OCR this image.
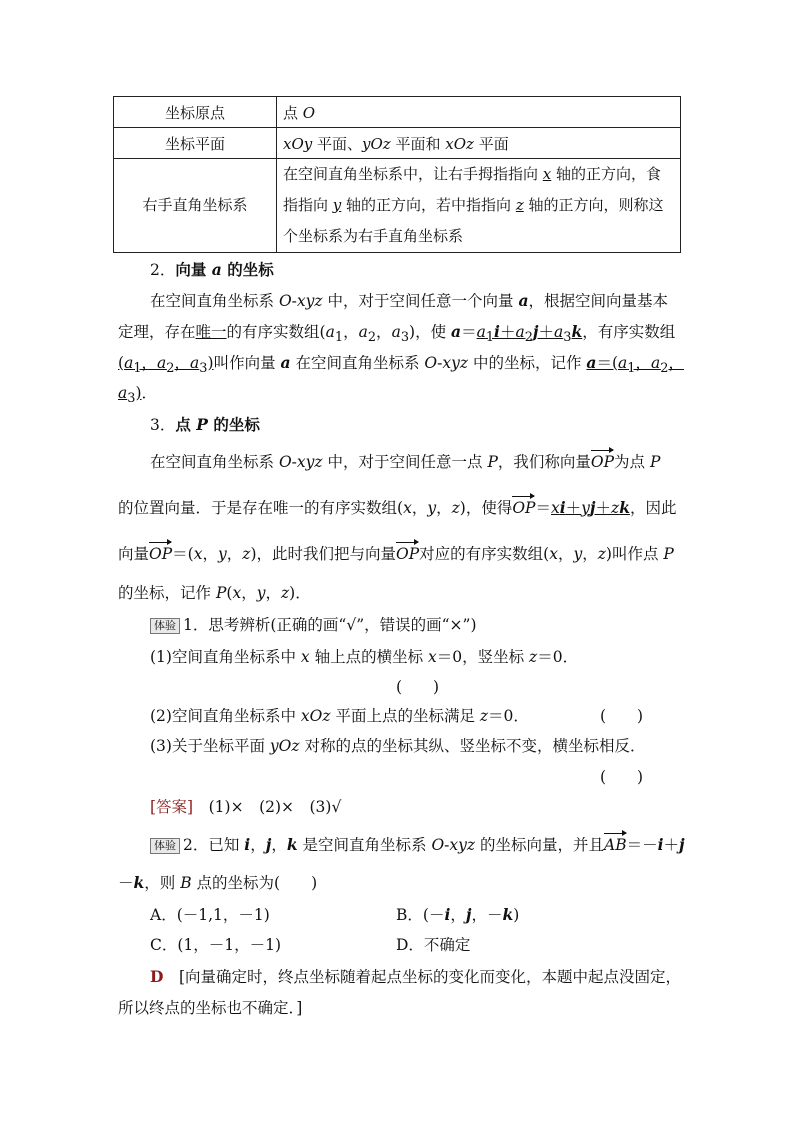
坐标原点	点 O
坐标平面	xOy 平面、yOz 平面和 xOz 平面
右手直角坐标系	在空间直角坐标系中，让右手拇指指向 x 轴的正方向，食
指指向 y 轴的正方向，若中指指向 z 轴的正方向，则称这
个坐标系为右手直角坐标系
2．向量 a 的坐标
在空间直角坐标系 O-xyz 中，对于空间任意一个向量 a，根据空间向量基本
定理，存在唯一的有序实数组($a_1$，$a_2$，$a_3$)，使 $a=a_1i+a_2j+a_3k$，有序实数组
($a_1$，$a_2$，$a_3$)叫作向量 a 在空间直角坐标系 O-xyz 中的坐标，记作 $a=(a_1$，$a_2$，
$a_3$)．
3．点 P 的坐标
在空间直角坐标系 O-xyz 中，对于空间任意一点 P，我们称向量OP为点 P
的位置向量．于是存在唯一的有序实数组(x，y，z)，使得OP＝xi＋yj＋zk，因此
向量OP＝(x，y，z)，此时我们把与向量OP对应的有序实数组(x，y，z)叫作点 P
的坐标，记作 P(x，y，z)．
体验 1．思考辨析(正确的画“√”，错误的画“×”)
(1)空间直角坐标系中 x 轴上点的横坐标 x＝0，竖坐标 z＝0．
(　　)
(2)空间直角坐标系中 xOz 平面上点的坐标满足 z＝0．	(　　)
(3)关于坐标平面 yOz 对称的点的坐标其纵、竖坐标不变，横坐标相反．
(　　)
[答案]　 (1)×　(2)×　(3)√
体验 2．已知 i，j，k 是空间直角坐标系 O-xyz 的坐标向量，并且AB＝－i＋j
－k，则 B 点的坐标为(　　)
A．(－1,1，－1)	B．(－i，j，－k)
C．(1，－1，－1)	D．不确定
D　 [向量确定时，终点坐标随着起点坐标的变化而变化，本题中起点没固定，
所以终点的坐标也不确定．]
